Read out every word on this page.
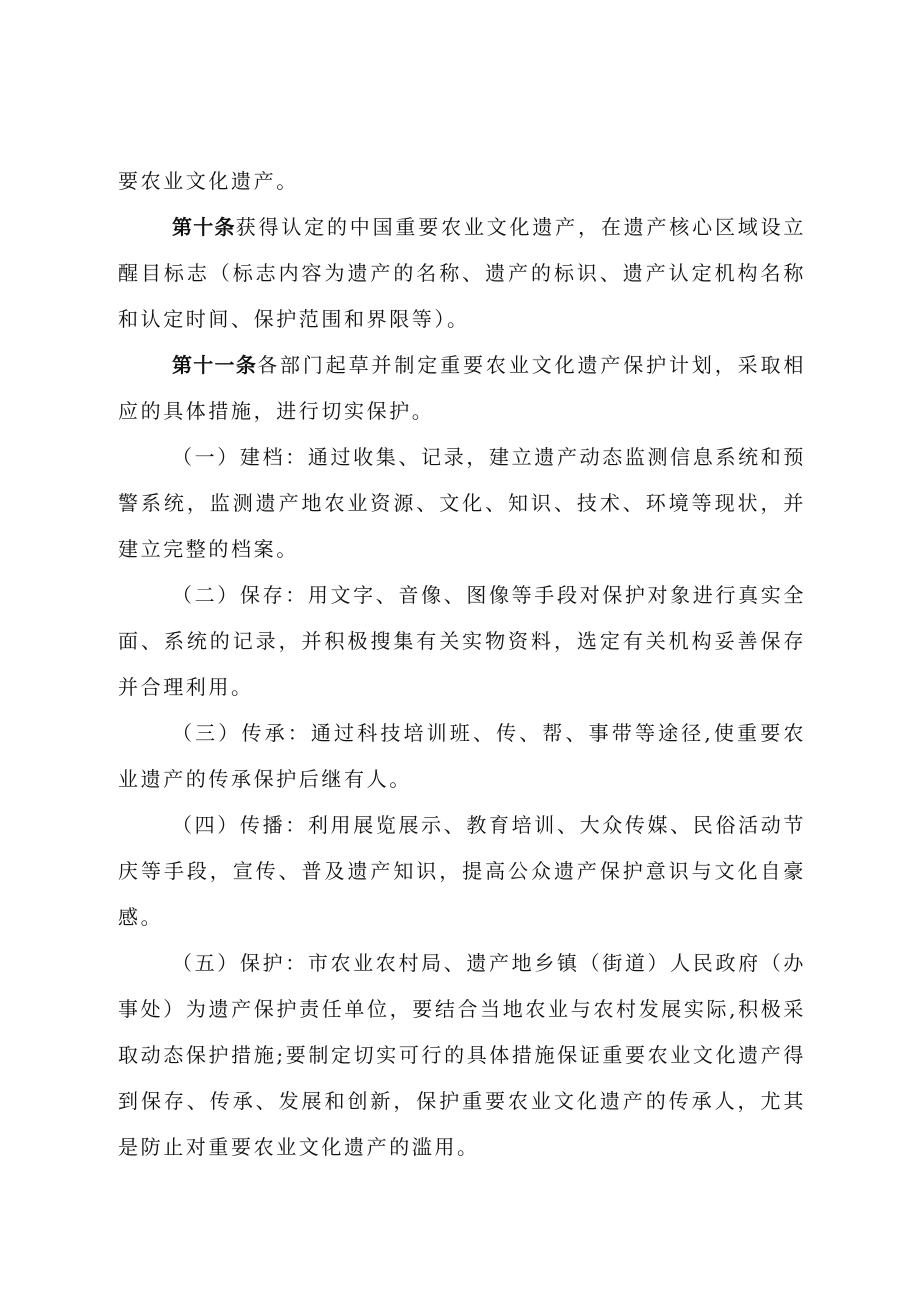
要农业文化遗产。

第十条获得认定的中国重要农业文化遗产，在遗产核心区域设立醒目标志（标志内容为遗产的名称、遗产的标识、遗产认定机构名称和认定时间、保护范围和界限等）。

第十一条各部门起草并制定重要农业文化遗产保护计划，采取相应的具体措施，进行切实保护。

（一）建档：通过收集、记录，建立遗产动态监测信息系统和预警系统，监测遗产地农业资源、文化、知识、技术、环境等现状，并建立完整的档案。

（二）保存：用文字、音像、图像等手段对保护对象进行真实全面、系统的记录，并积极搜集有关实物资料，选定有关机构妥善保存并合理利用。

（三）传承：通过科技培训班、传、帮、事带等途径,使重要农业遗产的传承保护后继有人。

（四）传播：利用展览展示、教育培训、大众传媒、民俗活动节庆等手段，宣传、普及遗产知识，提高公众遗产保护意识与文化自豪感。

（五）保护：市农业农村局、遗产地乡镇（街道）人民政府（办事处）为遗产保护责任单位，要结合当地农业与农村发展实际,积极采取动态保护措施;要制定切实可行的具体措施保证重要农业文化遗产得到保存、传承、发展和创新，保护重要农业文化遗产的传承人，尤其是防止对重要农业文化遗产的滥用。
